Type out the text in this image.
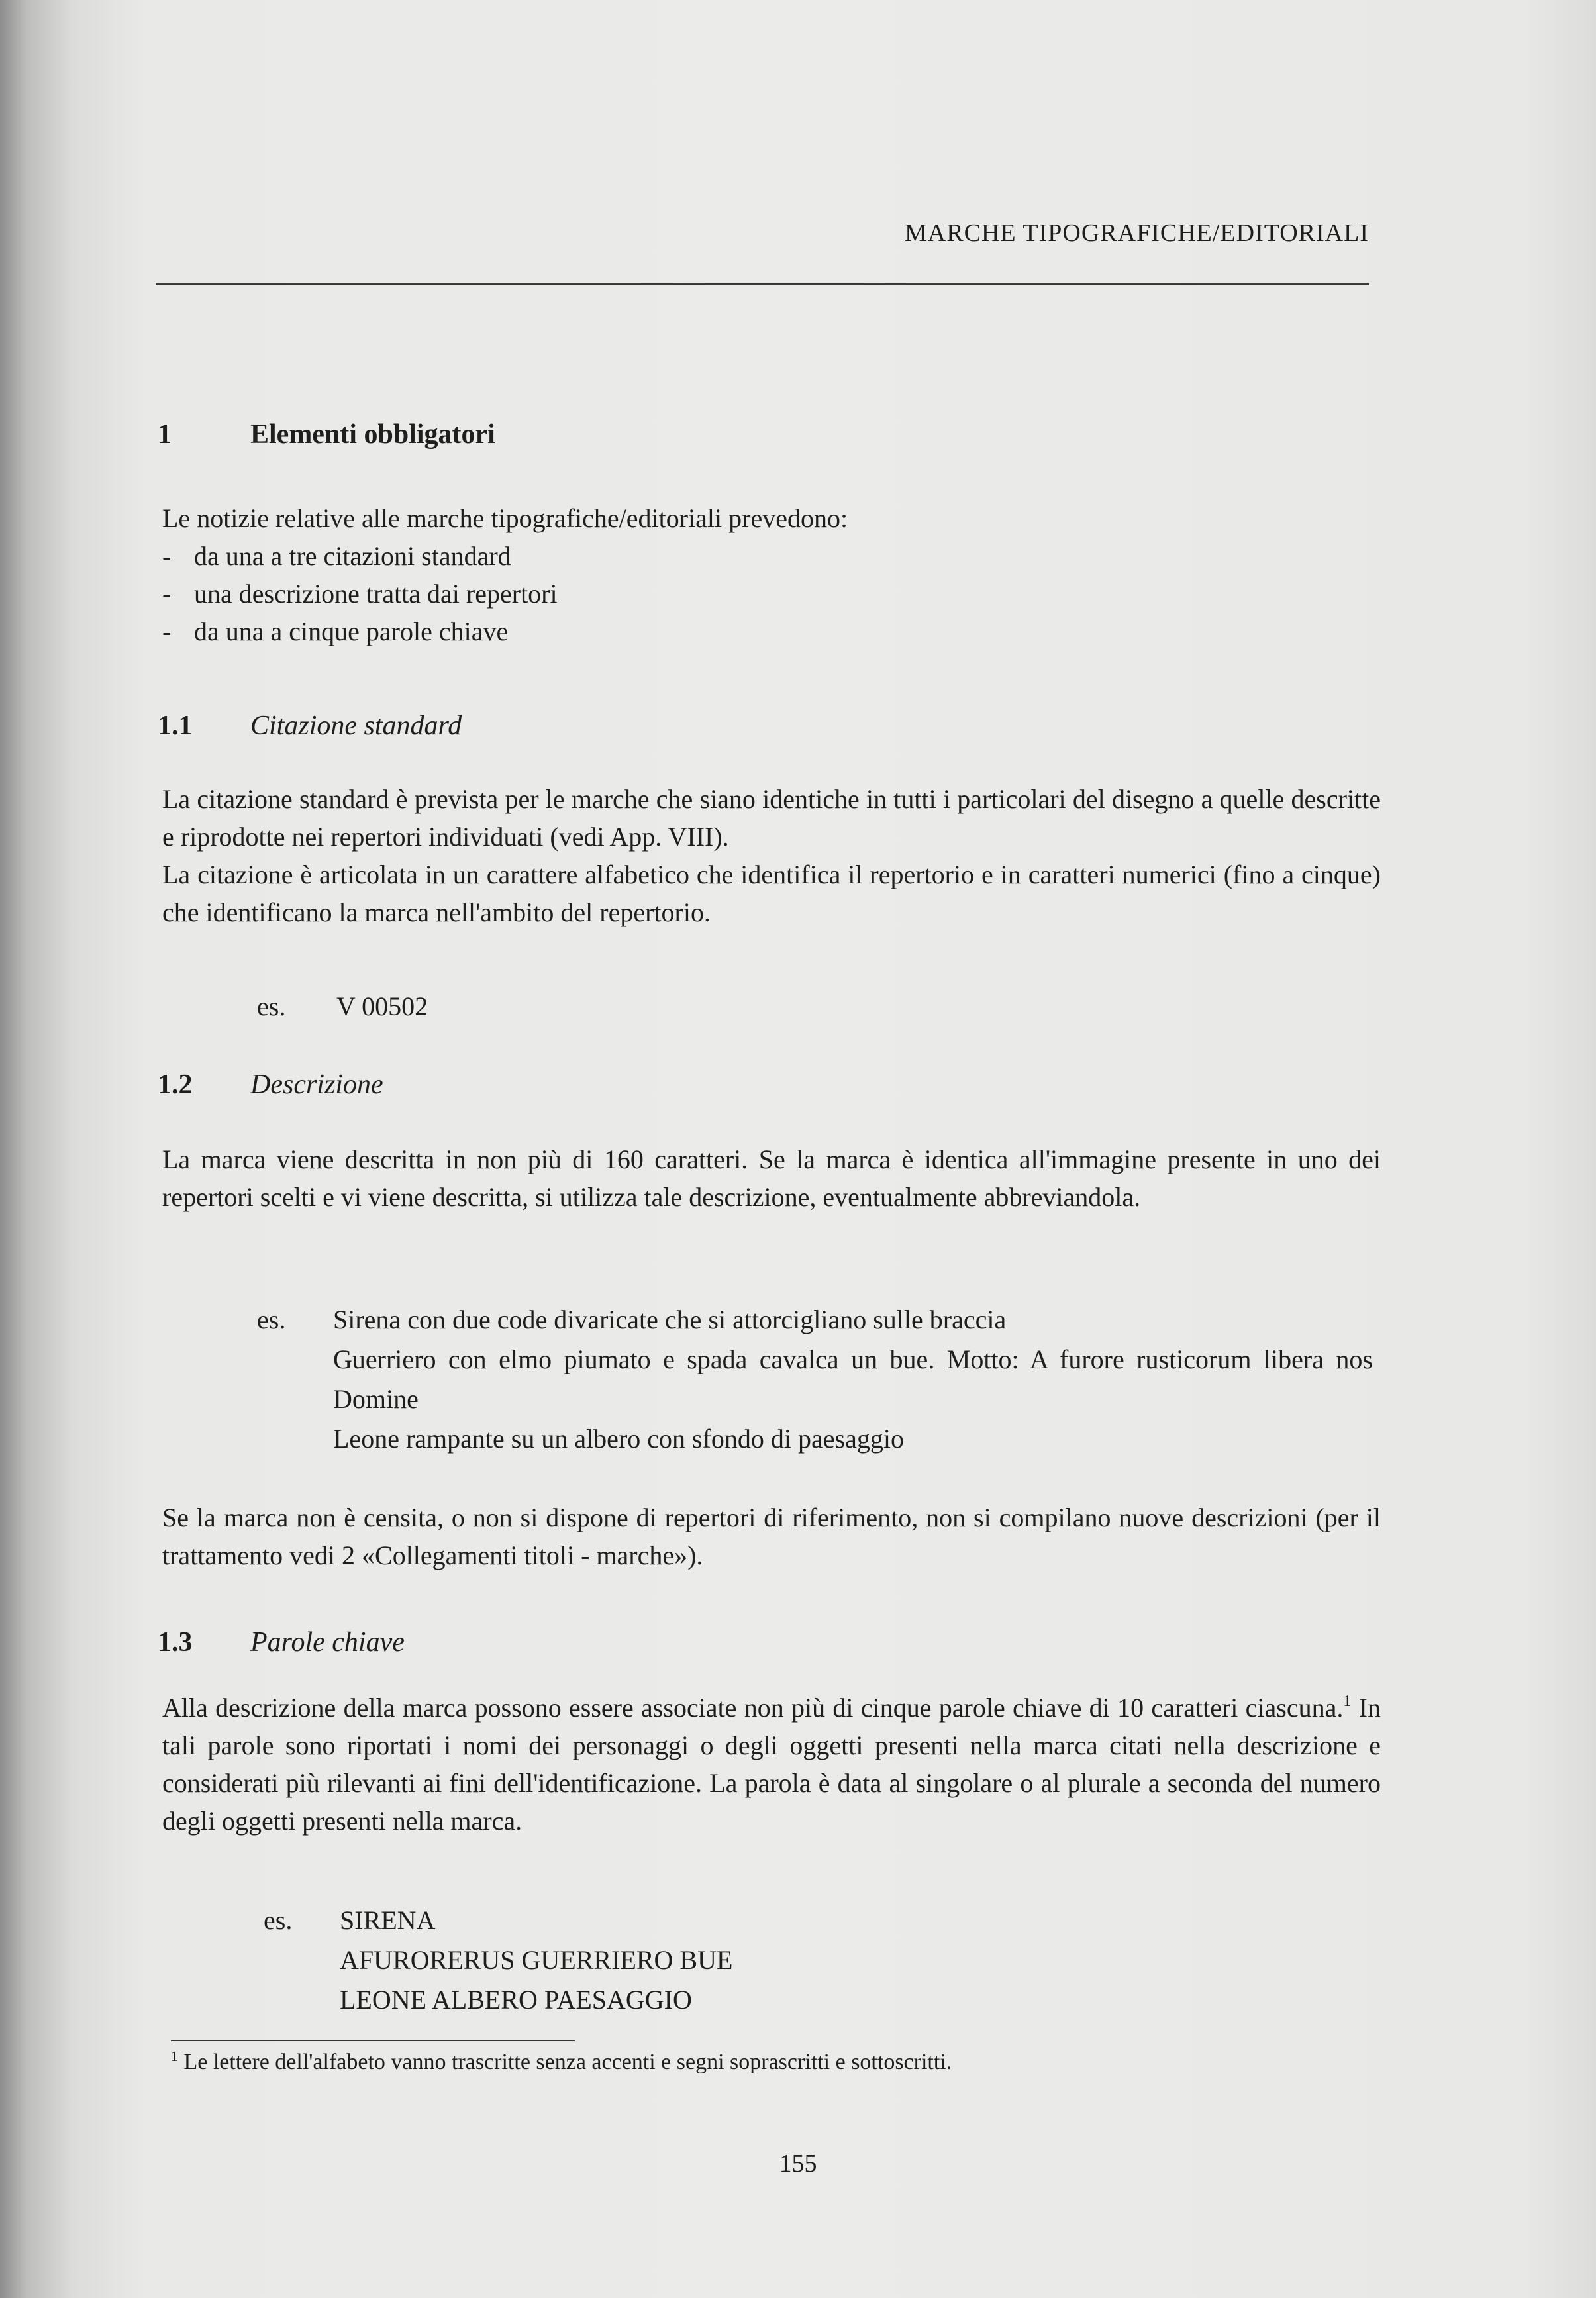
MARCHE TIPOGRAFICHE/EDITORIALI
1	Elementi obbligatori

Le notizie relative alle marche tipografiche/editoriali prevedono:

- da una a tre citazioni standard
- una descrizione tratta dai repertori
- da una a cinque parole chiave
1.1 Citazione standard

La citazione standard è prevista per le marche che siano identiche in tutti i particolari del disegno a quelle descritte e riprodotte nei repertori individuati (vedi App. VIII).

La citazione è articolata in un carattere alfabetico che identifica il repertorio e in caratteri numerici (fino a cinque) che identificano la marca nell'ambito del repertorio.

es. V 00502
1.2 Descrizione

La marca viene descritta in non più di 160 caratteri. Se la marca è identica all'immagine presente in uno dei repertori scelti e vi viene descritta, si utilizza tale descrizione, eventualmente abbreviandola.

es. Sirena con due code divaricate che si attorcigliano sulle braccia

Guerriero con elmo piumato e spada cavalca un bue. Motto: A furore rusticorum libera nos Domine

Leone rampante su un albero con sfondo di paesaggio

Se la marca non è censita, o non si dispone di repertori di riferimento, non si compilano nuove descrizioni (per il trattamento vedi 2 «Collegamenti titoli - marche»).

1.3 Parole chiave

Alla descrizione della marca possono essere associate non più di cinque parole chiave di 10 caratteri ciascuna.$^1$ In tali parole sono riportati i nomi dei personaggi o degli oggetti presenti nella marca citati nella descrizione e considerati più rilevanti ai fini dell'identificazione. La parola è data al singolare o al plurale a seconda del numero degli oggetti presenti nella marca.

es. SIRENA

AFURORERUS GUERRIERO BUE

LEONE ALBERO PAESAGGIO

$^1$ Le lettere dell'alfabeto vanno trascritte senza accenti e segni soprascritti e sottoscritti.
155
